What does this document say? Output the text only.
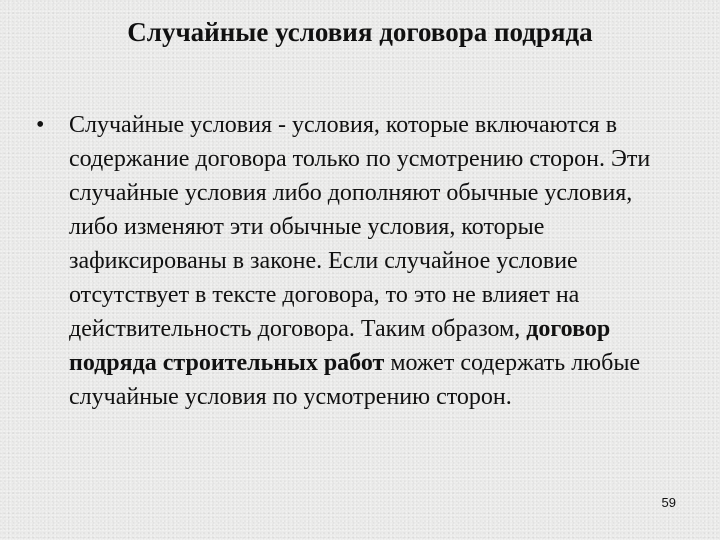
Случайные условия договора подряда
• Случайные условия - условия, которые включаются в содержание договора только по усмотрению сторон. Эти случайные условия либо дополняют обычные условия, либо изменяют эти обычные условия, которые зафиксированы в законе. Если случайное условие отсутствует в тексте договора, то это не влияет на действительность договора. Таким образом, договор подряда строительных работ может содержать любые случайные условия по усмотрению сторон.
59
